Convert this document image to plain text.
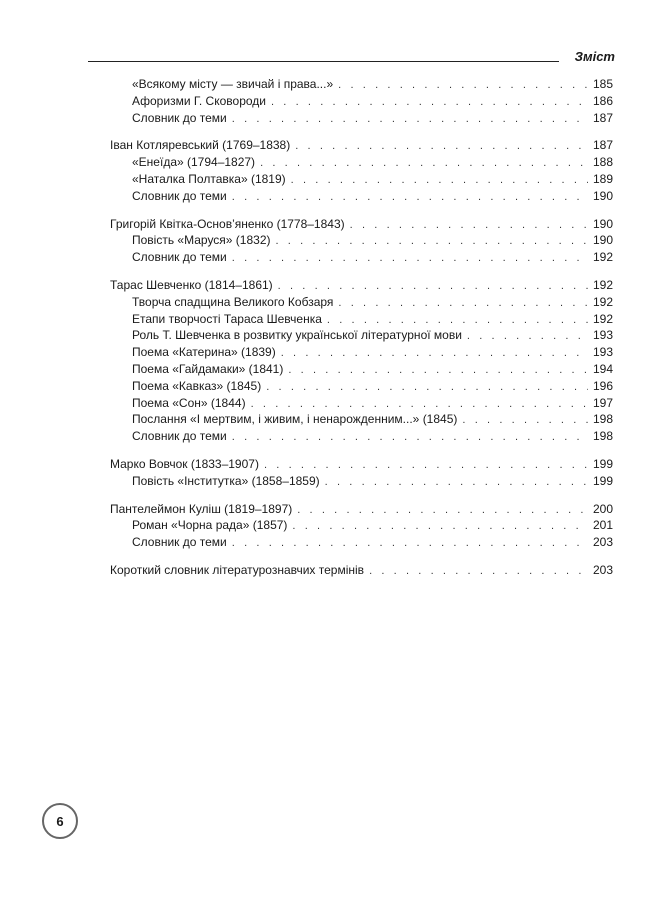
Зміст
«Всякому місту — звичай і права...» . . .	185
Афоризми Г. Сковороди . . .	186
Словник до теми . . .	187
Іван Котляревський (1769–1838) . . .	187
«Енеїда» (1794–1827) . . .	188
«Наталка Полтавка» (1819) . . .	189
Словник до теми . . .	190
Григорій Квітка-Основ’яненко (1778–1843) . . .	190
Повість «Маруся» (1832) . . .	190
Словник до теми . . .	192
Тарас Шевченко (1814–1861) . . .	192
Творча спадщина Великого Кобзаря . . .	192
Етапи творчості Тараса Шевченка . . .	192
Роль Т. Шевченка в розвитку української літературної мови . . .	193
Поема «Катерина» (1839) . . .	193
Поема «Гайдамаки» (1841) . . .	194
Поема «Кавказ» (1845) . . .	196
Поема «Сон» (1844) . . .	197
Послання «І мертвим, і живим, і ненарожденним...» (1845) . . .	198
Словник до теми . . .	198
Марко Вовчок (1833–1907) . . .	199
Повість «Інститутка» (1858–1859) . . .	199
Пантелеймон Куліш (1819–1897) . . .	200
Роман «Чорна рада» (1857) . . .	201
Словник до теми . . .	203
Короткий словник літературознавчих термінів . . .	203
6
